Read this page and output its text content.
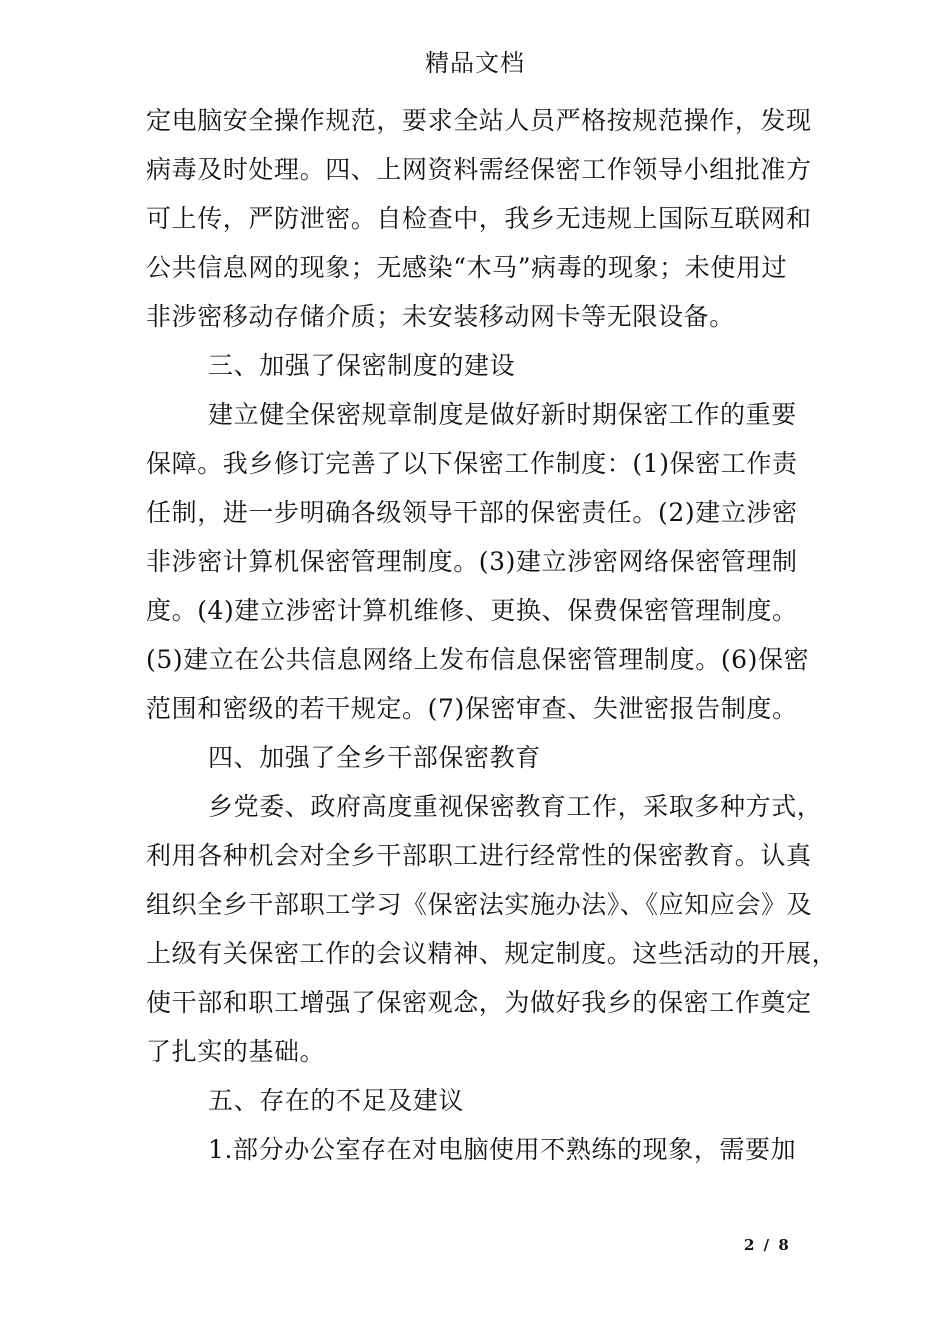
精品文档
定电脑安全操作规范，要求全站人员严格按规范操作，发现
病毒及时处理。四、上网资料需经保密工作领导小组批准方
可上传，严防泄密。自检查中，我乡无违规上国际互联网和
公共信息网的现象；无感染“木马”病毒的现象；未使用过
非涉密移动存储介质；未安装移动网卡等无限设备。
三、加强了保密制度的建设
建立健全保密规章制度是做好新时期保密工作的重要
保障。我乡修订完善了以下保密工作制度：(1)保密工作责
任制，进一步明确各级领导干部的保密责任。(2)建立涉密
非涉密计算机保密管理制度。(3)建立涉密网络保密管理制
度。(4)建立涉密计算机维修、更换、保费保密管理制度。
(5)建立在公共信息网络上发布信息保密管理制度。(6)保密
范围和密级的若干规定。(7)保密审查、失泄密报告制度。
四、加强了全乡干部保密教育
乡党委、政府高度重视保密教育工作，采取多种方式，
利用各种机会对全乡干部职工进行经常性的保密教育。认真
组织全乡干部职工学习《保密法实施办法》、《应知应会》及
上级有关保密工作的会议精神、规定制度。这些活动的开展，
使干部和职工增强了保密观念，为做好我乡的保密工作奠定
了扎实的基础。
五、存在的不足及建议
1.部分办公室存在对电脑使用不熟练的现象，需要加
2 / 8
